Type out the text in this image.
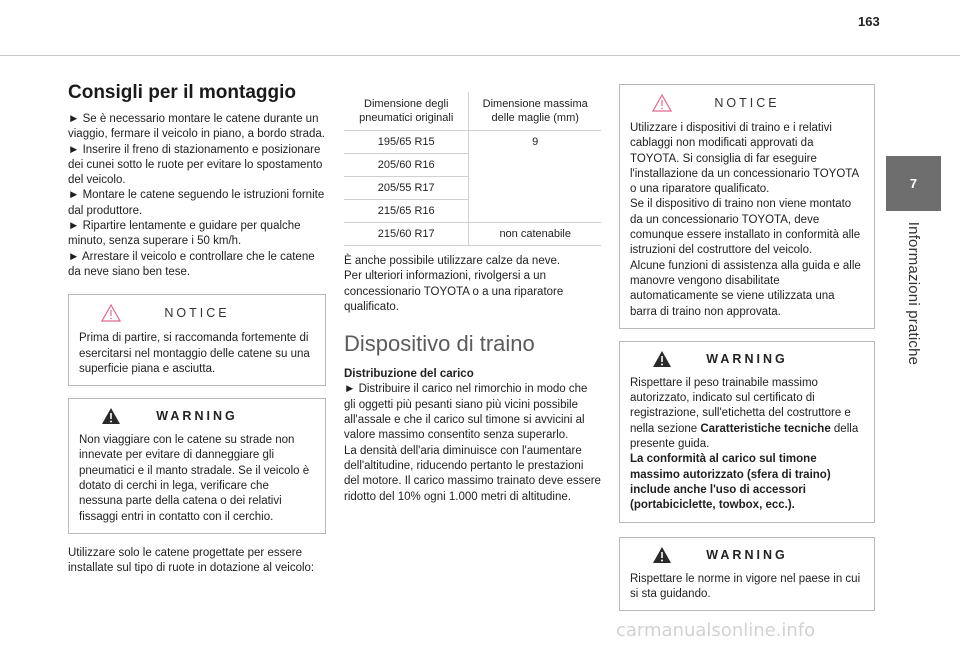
163
7
Informazioni pratiche
Consigli per il montaggio

► Se è necessario montare le catene durante un viaggio, fermare il veicolo in piano, a bordo strada.

► Inserire il freno di stazionamento e posizionare dei cunei sotto le ruote per evitare lo spostamento del veicolo.

► Montare le catene seguendo le istruzioni fornite dal produttore.

► Ripartire lentamente e guidare per qualche minuto, senza superare i 50 km/h.

► Arrestare il veicolo e controllare che le catene da neve siano ben tese.

NOTICE

Prima di partire, si raccomanda fortemente di esercitarsi nel montaggio delle catene su una superficie piana e asciutta.

WARNING

Non viaggiare con le catene su strade non innevate per evitare di danneggiare gli pneumatici e il manto stradale. Se il veicolo è dotato di cerchi in lega, verificare che nessuna parte della catena o dei relativi fissaggi entri in contatto con il cerchio.

Utilizzare solo le catene progettate per essere installate sul tipo di ruote in dotazione al veicolo:

Dimensione degli pneumatici originali	Dimensione massima delle maglie (mm)
195/65 R15	9
205/60 R16	
205/55 R17	
215/65 R16	
215/60 R17	non catenabile

È anche possibile utilizzare calze da neve.
Per ulteriori informazioni, rivolgersi a un concessionario TOYOTA o a una riparatore qualificato.

Dispositivo di traino

Distribuzione del carico

► Distribuire il carico nel rimorchio in modo che gli oggetti più pesanti siano più vicini possibile all'assale e che il carico sul timone si avvicini al valore massimo consentito senza superarlo.

La densità dell'aria diminuisce con l'aumentare dell'altitudine, riducendo pertanto le prestazioni del motore. Il carico massimo trainato deve essere ridotto del 10% ogni 1.000 metri di altitudine.

NOTICE

Utilizzare i dispositivi di traino e i relativi cablaggi non modificati approvati da TOYOTA. Si consiglia di far eseguire l'installazione da un concessionario TOYOTA o una riparatore qualificato.

Se il dispositivo di traino non viene montato da un concessionario TOYOTA, deve comunque essere installato in conformità alle istruzioni del costruttore del veicolo.

Alcune funzioni di assistenza alla guida e alle manovre vengono disabilitate automaticamente se viene utilizzata una barra di traino non approvata.

WARNING

Rispettare il peso trainabile massimo autorizzato, indicato sul certificato di registrazione, sull'etichetta del costruttore e nella sezione Caratteristiche tecniche della presente guida.

La conformità al carico sul timone massimo autorizzato (sfera di traino) include anche l'uso di accessori (portabiciclette, towbox, ecc.).

WARNING

Rispettare le norme in vigore nel paese in cui si sta guidando.

carmanualsonline.info
